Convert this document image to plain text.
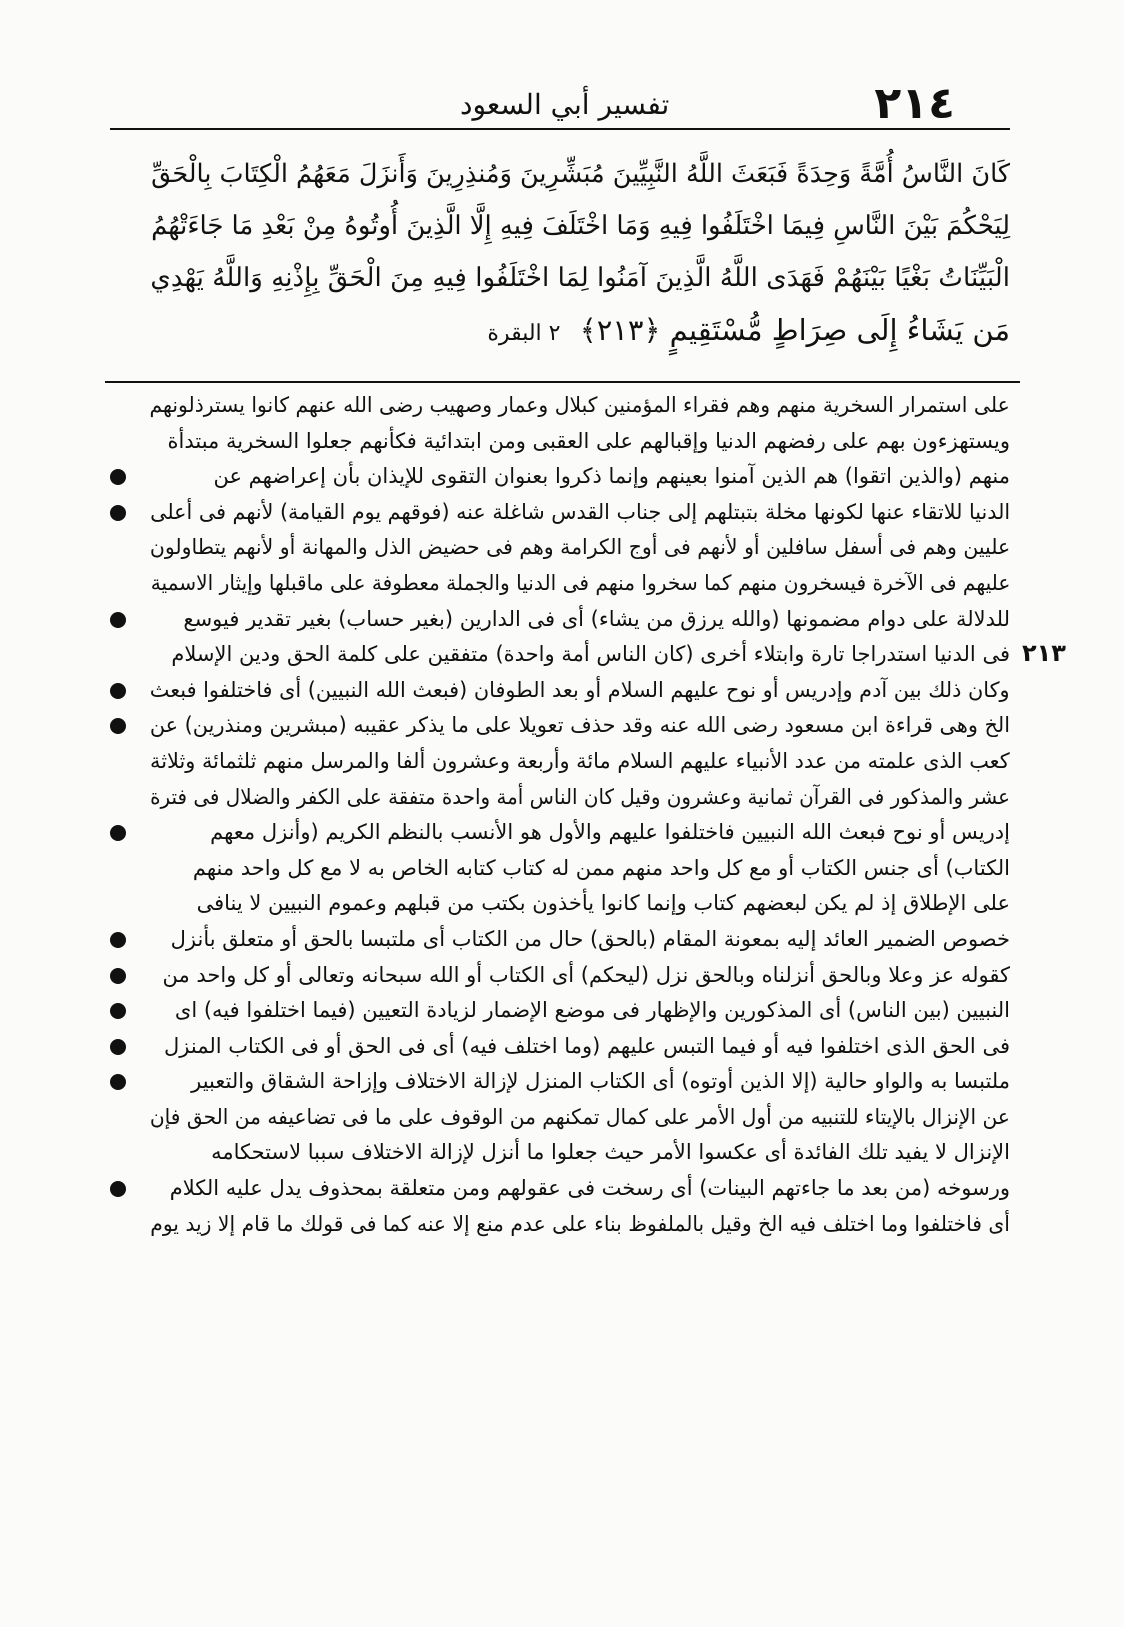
تفسير أبي السعود	٢١٤
كَانَ النَّاسُ أُمَّةً وَحِدَةً فَبَعَثَ اللَّهُ النَّبِيِّينَ مُبَشِّرِينَ وَمُنذِرِينَ وَأَنزَلَ مَعَهُمُ الْكِتَابَ بِالْحَقِّ
لِيَحْكُمَ بَيْنَ النَّاسِ فِيمَا اخْتَلَفُوا فِيهِ وَمَا اخْتَلَفَ فِيهِ إِلَّا الَّذِينَ أُوتُوهُ مِنْ بَعْدِ مَا جَاءَتْهُمُ
الْبَيِّنَاتُ بَغْيًا بَيْنَهُمْ فَهَدَى اللَّهُ الَّذِينَ آمَنُوا لِمَا اخْتَلَفُوا فِيهِ مِنَ الْحَقِّ بِإِذْنِهِ وَاللَّهُ يَهْدِي
مَن يَشَاءُ إِلَى صِرَاطٍ مُّسْتَقِيمٍ ﴿٢١٣﴾ ٢ البقرة
على استمرار السخرية منهم وهم فقراء المؤمنين كبلال وعمار وصهيب رضى الله عنهم كانوا يسترذلونهم
ويستهزءون بهم على رفضهم الدنيا وإقبالهم على العقبى ومن ابتدائية فكأنهم جعلوا السخرية مبتدأة
منهم (والذين اتقوا) هم الذين آمنوا بعينهم وإنما ذكروا بعنوان التقوى للإيذان بأن إعراضهم عن
الدنيا للاتقاء عنها لكونها مخلة بتبتلهم إلى جناب القدس شاغلة عنه (فوقهم يوم القيامة) لأنهم فى أعلى
عليين وهم فى أسفل سافلين أو لأنهم فى أوج الكرامة وهم فى حضيض الذل والمهانة أو لأنهم يتطاولون
عليهم فى الآخرة فيسخرون منهم كما سخروا منهم فى الدنيا والجملة معطوفة على ماقبلها وإيثار الاسمية
للدلالة على دوام مضمونها (والله يرزق من يشاء) أى فى الدارين (بغير حساب) بغير تقدير فيوسع
فى الدنيا استدراجا تارة وابتلاء أخرى (كان الناس أمة واحدة) متفقين على كلمة الحق ودين الإسلام
وكان ذلك بين آدم وإدريس أو نوح عليهم السلام أو بعد الطوفان (فبعث الله النبيين) أى فاختلفوا فبعث
الخ وهى قراءة ابن مسعود رضى الله عنه وقد حذف تعويلا على ما يذكر عقيبه (مبشرين ومنذرين) عن
كعب الذى علمته من عدد الأنبياء عليهم السلام مائة وأربعة وعشرون ألفا والمرسل منهم ثلثمائة وثلاثة
عشر والمذكور فى القرآن ثمانية وعشرون وقيل كان الناس أمة واحدة متفقة على الكفر والضلال فى فترة
إدريس أو نوح فبعث الله النبيين فاختلفوا عليهم والأول هو الأنسب بالنظم الكريم (وأنزل معهم
الكتاب) أى جنس الكتاب أو مع كل واحد منهم ممن له كتاب كتابه الخاص به لا مع كل واحد منهم
على الإطلاق إذ لم يكن لبعضهم كتاب وإنما كانوا يأخذون بكتب من قبلهم وعموم النبيين لا ينافى
خصوص الضمير العائد إليه بمعونة المقام (بالحق) حال من الكتاب أى ملتبسا بالحق أو متعلق بأنزل
كقوله عز وعلا وبالحق أنزلناه وبالحق نزل (ليحكم) أى الكتاب أو الله سبحانه وتعالى أو كل واحد من
النبيين (بين الناس) أى المذكورين والإظهار فى موضع الإضمار لزيادة التعيين (فيما اختلفوا فيه) اى
فى الحق الذى اختلفوا فيه أو فيما التبس عليهم (وما اختلف فيه) أى فى الحق أو فى الكتاب المنزل
ملتبسا به والواو حالية (إلا الذين أوتوه) أى الكتاب المنزل لإزالة الاختلاف وإزاحة الشقاق والتعبير
عن الإنزال بالإيتاء للتنبيه من أول الأمر على كمال تمكنهم من الوقوف على ما فى تضاعيفه من الحق فإن
الإنزال لا يفيد تلك الفائدة أى عكسوا الأمر حيث جعلوا ما أنزل لإزالة الاختلاف سببا لاستحكامه
ورسوخه (من بعد ما جاءتهم البينات) أى رسخت فى عقولهم ومن متعلقة بمحذوف يدل عليه الكلام
أى فاختلفوا وما اختلف فيه الخ وقيل بالملفوظ بناء على عدم منع إلا عنه كما فى قولك ما قام إلا زيد يوم
٢١٣
